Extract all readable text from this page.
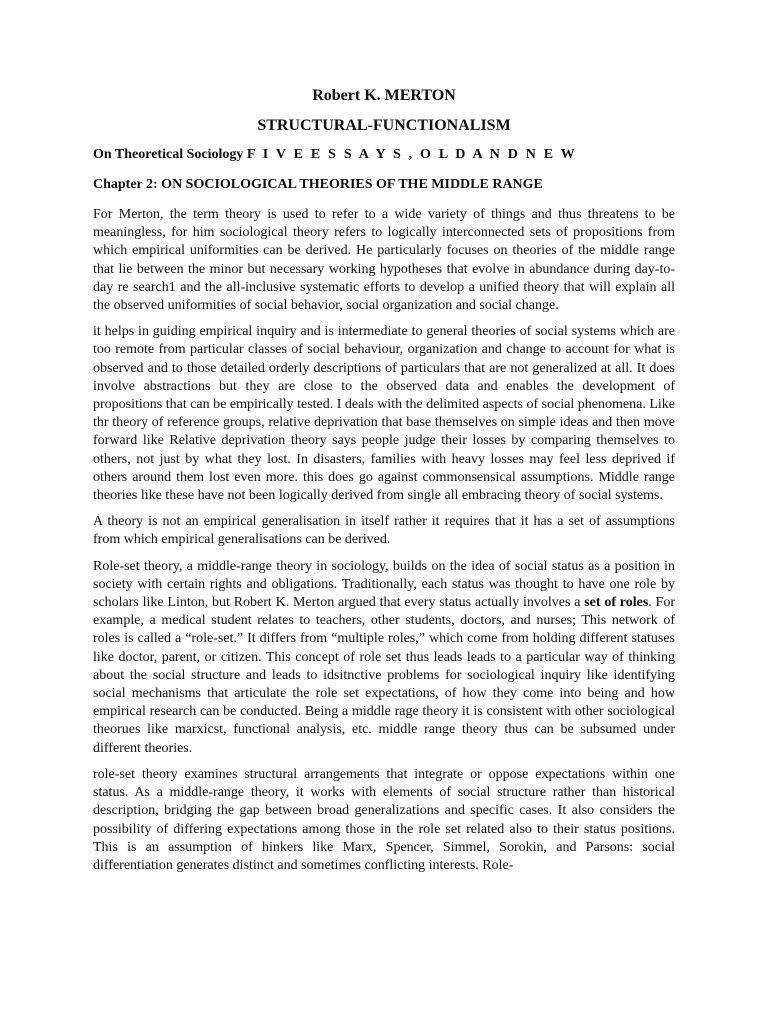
Robert K. MERTON
STRUCTURAL-FUNCTIONALISM
On Theoretical Sociology F I V E E S S A Y S , O L D A N D N E W
Chapter 2: ON SOCIOLOGICAL THEORIES OF THE MIDDLE RANGE

For Merton, the term theory is used to refer to a wide variety of things and thus threatens to be meaningless, for him sociological theory refers to logically interconnected sets of propositions from which empirical uniformities can be derived. He particularly focuses on theories of the middle range that lie between the minor but necessary working hypotheses that evolve in abundance during day-to-day re search1 and the all-inclusive systematic efforts to develop a unified theory that will explain all the observed uniformities of social behavior, social organization and social change.

it helps in guiding empirical inquiry and is intermediate to general theories of social systems which are too remote from particular classes of social behaviour, organization and change to account for what is observed and to those detailed orderly descriptions of particulars that are not generalized at all. It does involve abstractions but they are close to the observed data and enables the development of propositions that can be empirically tested. I deals with the delimited aspects of social phenomena. Like thr theory of reference groups, relative deprivation that base themselves on simple ideas and then move forward like Relative deprivation theory says people judge their losses by comparing themselves to others, not just by what they lost. In disasters, families with heavy losses may feel less deprived if others around them lost even more. this does go against commonsensical assumptions. Middle range theories like these have not been logically derived from single all embracing theory of social systems.

A theory is not an empirical generalisation in itself rather it requires that it has a set of assumptions from which empirical generalisations can be derived.

Role-set theory, a middle-range theory in sociology, builds on the idea of social status as a position in society with certain rights and obligations. Traditionally, each status was thought to have one role by scholars like Linton, but Robert K. Merton argued that every status actually involves a set of roles. For example, a medical student relates to teachers, other students, doctors, and nurses; This network of roles is called a “role-set.” It differs from “multiple roles,” which come from holding different statuses like doctor, parent, or citizen. This concept of role set thus leads leads to a particular way of thinking about the social structure and leads to idsitnctive problems for sociological inquiry like identifying social mechanisms that articulate the role set expectations, of how they come into being and how empirical research can be conducted. Being a middle rage theory it is consistent with other sociological theorues like marxicst, functional analysis, etc. middle range theory thus can be subsumed under different theories.

role-set theory examines structural arrangements that integrate or oppose expectations within one status. As a middle-range theory, it works with elements of social structure rather than historical description, bridging the gap between broad generalizations and specific cases. It also considers the possibility of differing expectations among those in the role set related also to their status positions. This is an assumption of hinkers like Marx, Spencer, Simmel, Sorokin, and Parsons: social differentiation generates distinct and sometimes conflicting interests. Role-
